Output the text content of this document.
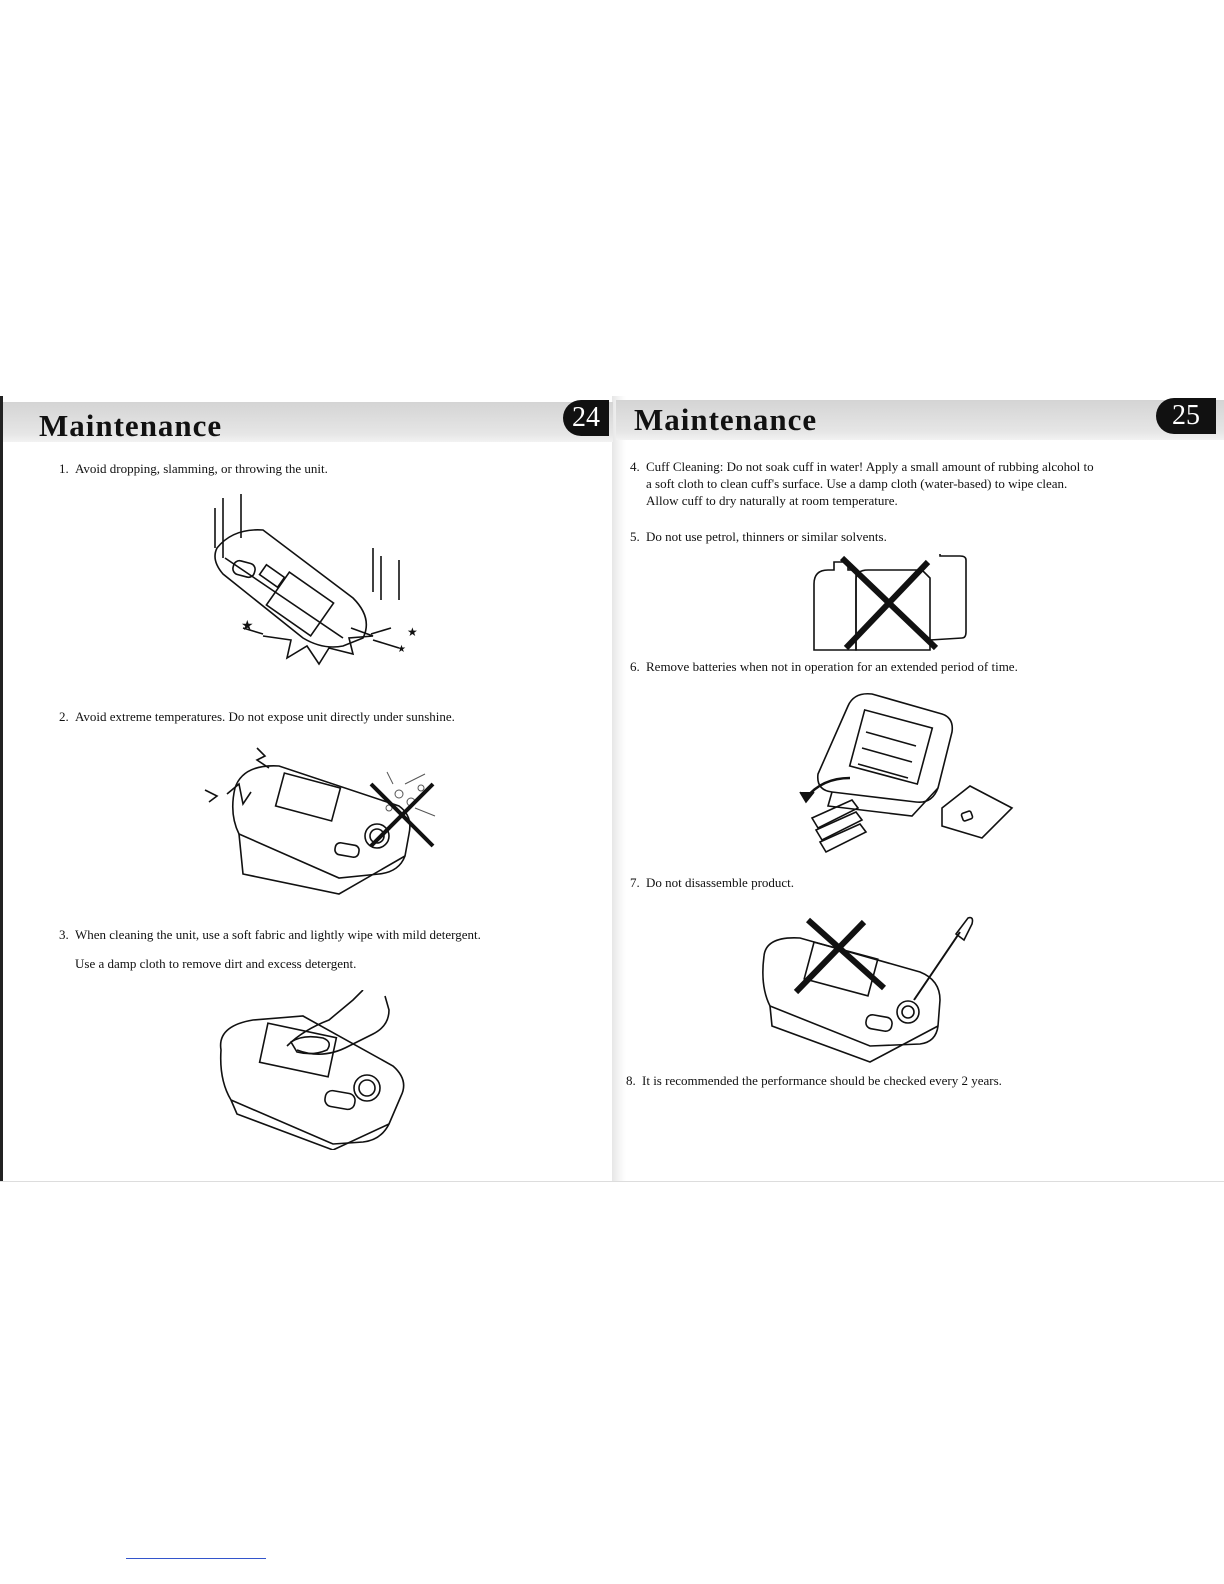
Maintenance	24
1. Avoid dropping, slamming, or throwing the unit.
★	★
★
2. Avoid extreme temperatures. Do not expose unit directly under sunshine.
3. When cleaning the unit, use a soft fabric and lightly wipe with mild detergent.
Use a damp cloth to remove dirt and excess detergent.
Maintenance	25
4. Cuff Cleaning: Do not soak cuff in water! Apply a small amount of rubbing alcohol to
a soft cloth to clean cuff's surface. Use a damp cloth (water-based) to wipe clean.
Allow cuff to dry naturally at room temperature.
5. Do not use petrol, thinners or similar solvents.
6. Remove batteries when not in operation for an extended period of time.
7. Do not disassemble product.
8. It is recommended the performance should be checked every 2 years.
